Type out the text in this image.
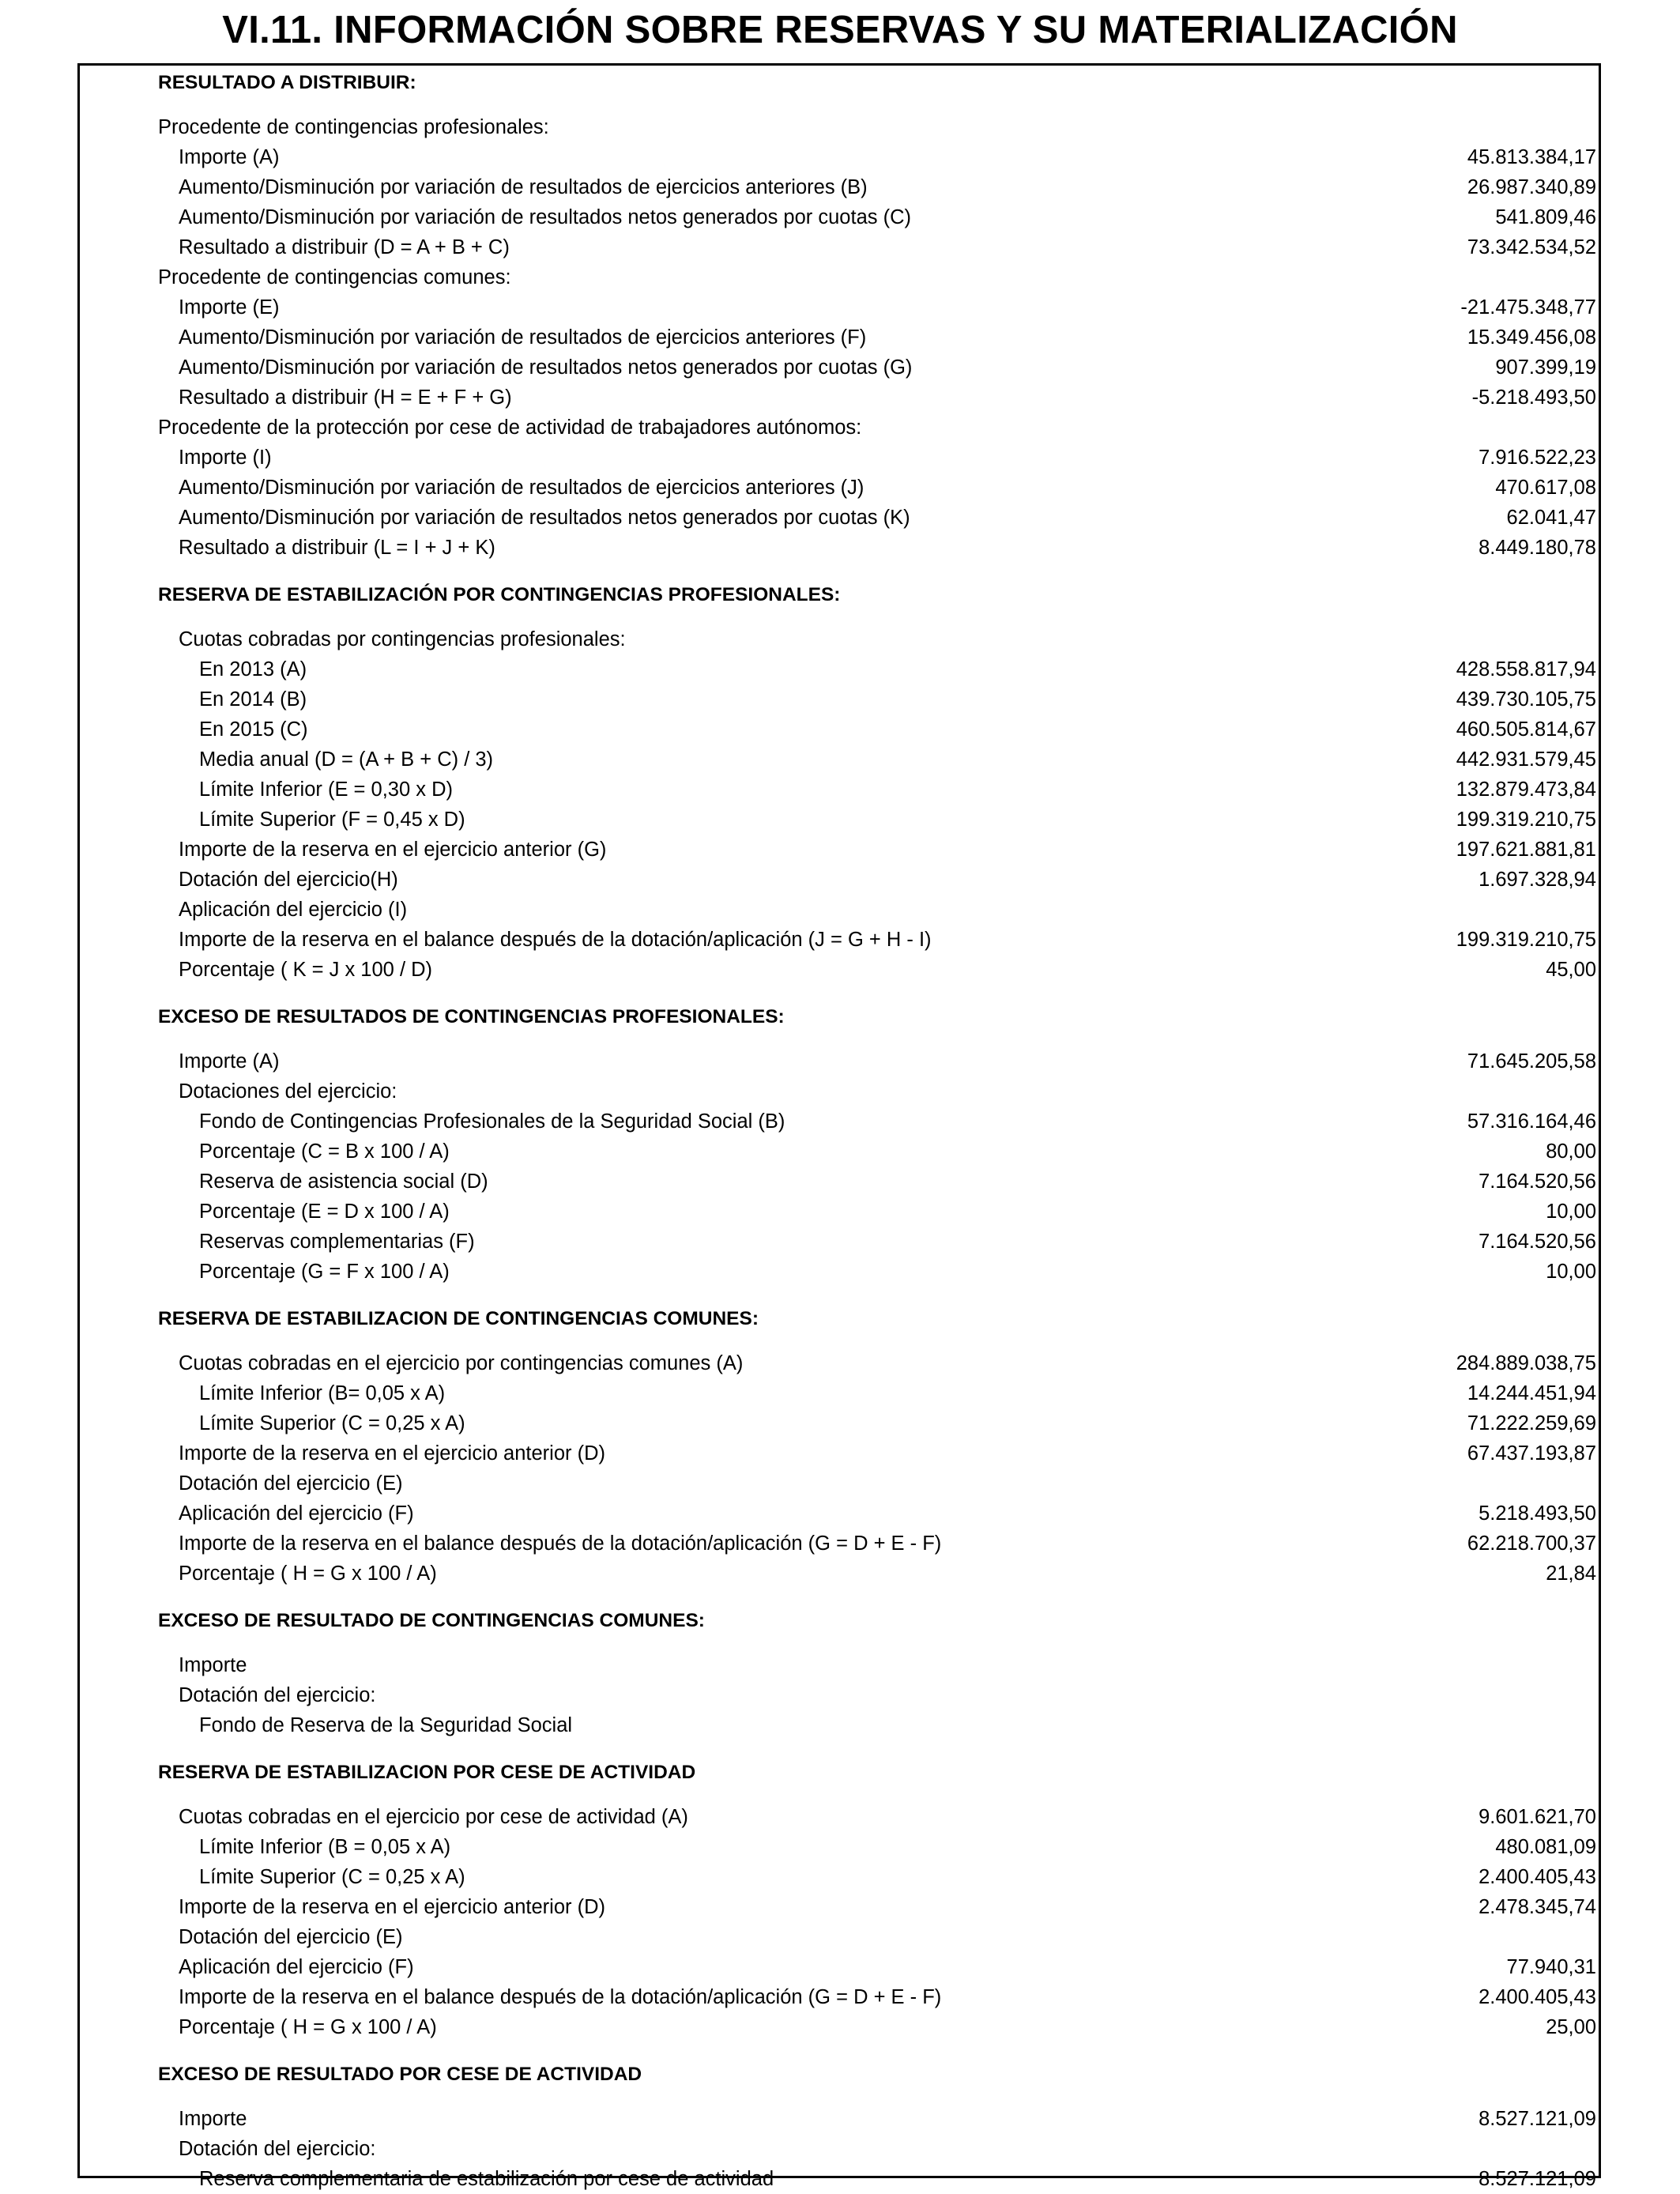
VI.11. INFORMACIÓN SOBRE RESERVAS Y SU MATERIALIZACIÓN
RESULTADO A DISTRIBUIR:
Procedente de contingencias profesionales:
Importe (A)	45.813.384,17
Aumento/Disminución por variación de resultados de ejercicios anteriores (B)	26.987.340,89
Aumento/Disminución por variación de resultados netos generados por cuotas (C)	541.809,46
Resultado a distribuir (D = A + B + C)	73.342.534,52
Procedente de contingencias comunes:
Importe (E)	-21.475.348,77
Aumento/Disminución por variación de resultados de ejercicios anteriores (F)	15.349.456,08
Aumento/Disminución por variación de resultados netos generados por cuotas (G)	907.399,19
Resultado a distribuir (H = E + F + G)	-5.218.493,50
Procedente de la protección por cese de actividad de trabajadores autónomos:
Importe (I)	7.916.522,23
Aumento/Disminución por variación de resultados de ejercicios anteriores (J)	470.617,08
Aumento/Disminución por variación de resultados netos generados por cuotas (K)	62.041,47
Resultado a distribuir (L = I + J + K)	8.449.180,78
RESERVA DE ESTABILIZACIÓN POR CONTINGENCIAS PROFESIONALES:
Cuotas cobradas por contingencias profesionales:
En 2013 (A)	428.558.817,94
En 2014 (B)	439.730.105,75
En 2015 (C)	460.505.814,67
Media anual (D = (A + B + C) / 3)	442.931.579,45
Límite Inferior (E = 0,30 x D)	132.879.473,84
Límite Superior (F = 0,45 x D)	199.319.210,75
Importe de la reserva en el ejercicio anterior (G)	197.621.881,81
Dotación del ejercicio(H)	1.697.328,94
Aplicación del ejercicio (I)
Importe de la reserva en el balance después de la dotación/aplicación (J = G + H - I)	199.319.210,75
Porcentaje ( K = J x 100 / D)	45,00
EXCESO DE RESULTADOS DE CONTINGENCIAS PROFESIONALES:
Importe (A)	71.645.205,58
Dotaciones del ejercicio:
Fondo de Contingencias Profesionales de la Seguridad Social (B)	57.316.164,46
Porcentaje (C = B x 100 / A)	80,00
Reserva de asistencia social (D)	7.164.520,56
Porcentaje (E = D x 100 / A)	10,00
Reservas complementarias (F)	7.164.520,56
Porcentaje (G = F x 100 / A)	10,00
RESERVA DE ESTABILIZACION DE CONTINGENCIAS COMUNES:
Cuotas cobradas en el ejercicio por contingencias comunes (A)	284.889.038,75
Límite Inferior (B= 0,05 x A)	14.244.451,94
Límite Superior (C = 0,25 x A)	71.222.259,69
Importe de la reserva en el ejercicio anterior (D)	67.437.193,87
Dotación del ejercicio (E)
Aplicación del ejercicio (F)	5.218.493,50
Importe de la reserva en el balance después de la dotación/aplicación (G = D + E - F)	62.218.700,37
Porcentaje ( H = G x 100 / A)	21,84
EXCESO DE RESULTADO DE CONTINGENCIAS COMUNES:
Importe
Dotación del ejercicio:
Fondo de Reserva de la Seguridad Social
RESERVA DE ESTABILIZACION POR CESE DE ACTIVIDAD
Cuotas cobradas en el ejercicio por cese de actividad (A)	9.601.621,70
Límite Inferior (B = 0,05 x A)	480.081,09
Límite Superior (C = 0,25 x A)	2.400.405,43
Importe de la reserva en el ejercicio anterior (D)	2.478.345,74
Dotación del ejercicio (E)
Aplicación del ejercicio (F)	77.940,31
Importe de la reserva en el balance después de la dotación/aplicación (G = D + E - F)	2.400.405,43
Porcentaje ( H = G x 100 / A)	25,00
EXCESO DE RESULTADO POR CESE DE ACTIVIDAD
Importe	8.527.121,09
Dotación del ejercicio:
Reserva complementaria de estabilización por cese de actividad	8.527.121,09
